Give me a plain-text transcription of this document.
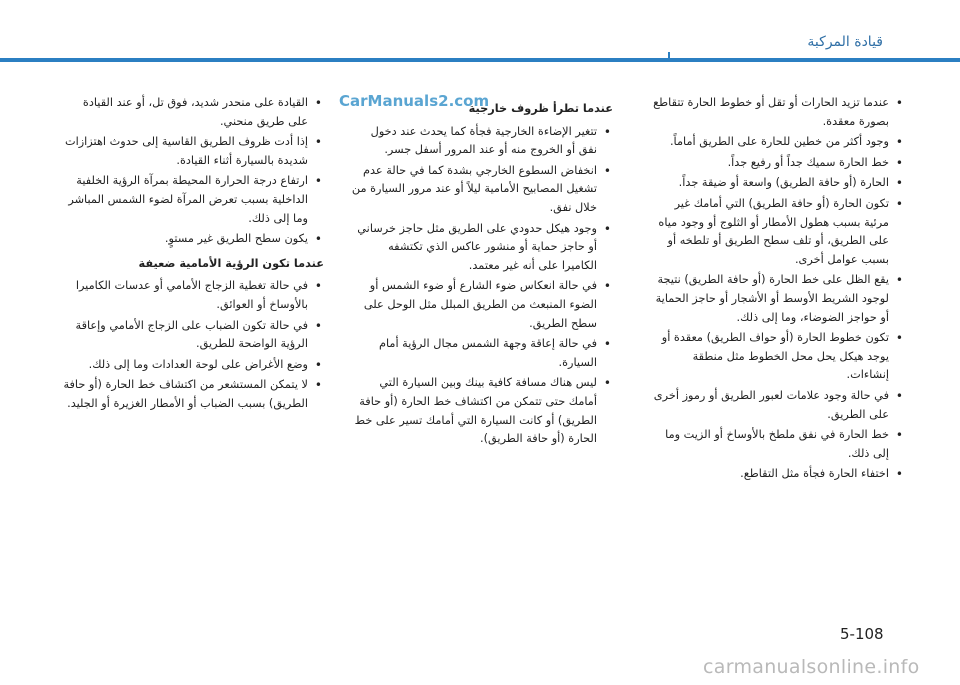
قيادة المركبة
CarManuals2.com	•
عندما تزيد الحارات أو تقل أو خطوط الحارة تتقاطع بصورة معقدة.
•
وجود أكثر من خطين للحارة على الطريق أماماً.
•
خط الحارة سميك جداً أو رفيع جداً.
•
الحارة (أو حافة الطريق) واسعة أو ضيقة جداً.
•
تكون الحارة (أو حافة الطريق) التي أمامك غير مرئية بسبب هطول الأمطار أو الثلوج أو وجود مياه على الطريق، أو تلف سطح الطريق أو تلطخه أو بسبب عوامل أخرى.
•
يقع الظل على خط الحارة (أو حافة الطريق) نتيجة لوجود الشريط الأوسط أو الأشجار أو حاجز الحماية أو حواجز الضوضاء، وما إلى ذلك.
•
تكون خطوط الحارة (أو حواف الطريق) معقدة أو يوجد هيكل يحل محل الخطوط مثل منطقة إنشاءات.
•
في حالة وجود علامات لعبور الطريق أو رموز أخرى على الطريق.
•
خط الحارة في نفق ملطخ بالأوساخ أو الزيت وما إلى ذلك.
•
اختفاء الحارة فجأة مثل التقاطع.
عندما تطرأ ظروف خارجية
•
تتغير الإضاءة الخارجية فجأة كما يحدث عند دخول نفق أو الخروج منه أو عند المرور أسفل جسر.
•
انخفاض السطوع الخارجي بشدة كما في حالة عدم تشغيل المصابيح الأمامية ليلاً أو عند مرور السيارة من خلال نفق.
•
وجود هيكل حدودي على الطريق مثل حاجز خرساني أو حاجز حماية أو منشور عاكس الذي تكتشفه الكاميرا على أنه غير معتمد.
•
في حالة انعكاس ضوء الشارع أو ضوء الشمس أو الضوء المنبعث من الطريق المبلل مثل الوحل على سطح الطريق.
•
في حالة إعاقة وجهة الشمس مجال الرؤية أمام السيارة.
•
ليس هناك مسافة كافية بينك وبين السيارة التي أمامك حتى تتمكن من اكتشاف خط الحارة (أو حافة الطريق) أو كانت السيارة التي أمامك تسير على خط الحارة (أو حافة الطريق).
•
القيادة على منحدر شديد، فوق تل، أو عند القيادة على طريق منحني.
•
إذا أدت ظروف الطريق القاسية إلى حدوث اهتزازات شديدة بالسيارة أثناء القيادة.
•
ارتفاع درجة الحرارة المحيطة بمرآة الرؤية الخلفية الداخلية بسبب تعرض المرآة لضوء الشمس المباشر وما إلى ذلك.
•
يكون سطح الطريق غير مستوٍ.
عندما تكون الرؤية الأمامية ضعيفة
•
في حالة تغطية الزجاج الأمامي أو عدسات الكاميرا بالأوساخ أو العوائق.
•
في حالة تكون الضباب على الزجاج الأمامي وإعاقة الرؤية الواضحة للطريق.
•
وضع الأغراض على لوحة العدادات وما إلى ذلك.
•
لا يتمكن المستشعر من اكتشاف خط الحارة (أو حافة الطريق) بسبب الضباب أو الأمطار الغزيرة أو الجليد.
5-108
carmanualsonline.info
